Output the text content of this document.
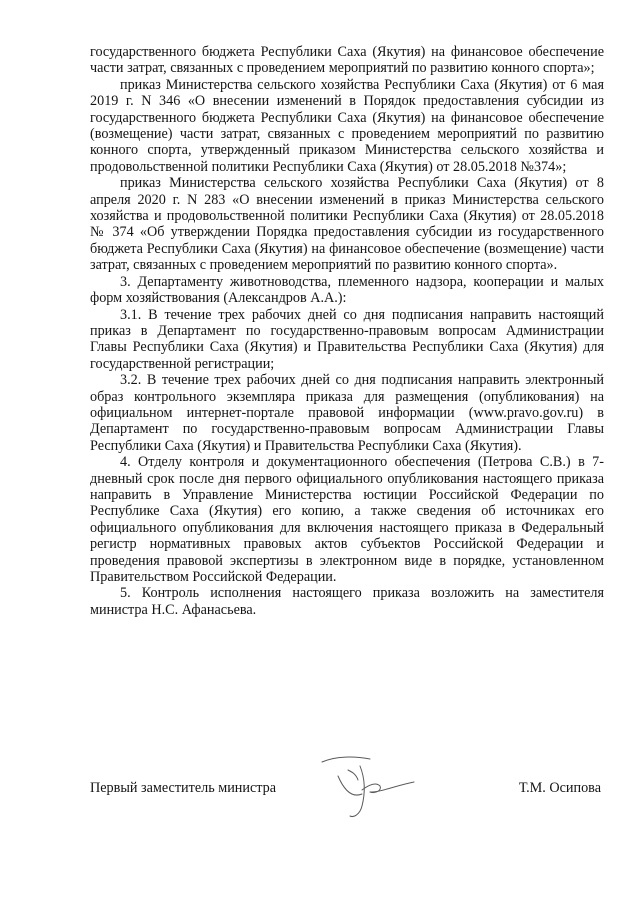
государственного бюджета Республики Саха (Якутия) на финансовое обеспечение части затрат, связанных с проведением мероприятий по развитию конного спорта»;

приказ Министерства сельского хозяйства Республики Саха (Якутия) от 6 мая 2019 г. N 346 «О внесении изменений в Порядок предоставления субсидии из государственного бюджета Республики Саха (Якутия) на финансовое обеспечение (возмещение) части затрат, связанных с проведением мероприятий по развитию конного спорта, утвержденный приказом Министерства сельского хозяйства и продовольственной политики Республики Саха (Якутия) от 28.05.2018 №374»;

приказ Министерства сельского хозяйства Республики Саха (Якутия) от 8 апреля 2020 г. N 283 «О внесении изменений в приказ Министерства сельского хозяйства и продовольственной политики Республики Саха (Якутия) от 28.05.2018 № 374 «Об утверждении Порядка предоставления субсидии из государственного бюджета Республики Саха (Якутия) на финансовое обеспечение (возмещение) части затрат, связанных с проведением мероприятий по развитию конного спорта».

3. Департаменту животноводства, племенного надзора, кооперации и малых форм хозяйствования (Александров А.А.):

3.1. В течение трех рабочих дней со дня подписания направить настоящий приказ в Департамент по государственно-правовым вопросам Администрации Главы Республики Саха (Якутия) и Правительства Республики Саха (Якутия) для государственной регистрации;

3.2. В течение трех рабочих дней со дня подписания направить электронный образ контрольного экземпляра приказа для размещения (опубликования) на официальном интернет-портале правовой информации (www.pravo.gov.ru) в Департамент по государственно-правовым вопросам Администрации Главы Республики Саха (Якутия) и Правительства Республики Саха (Якутия).

4. Отделу контроля и документационного обеспечения (Петрова С.В.) в 7-дневный срок после дня первого официального опубликования настоящего приказа направить в Управление Министерства юстиции Российской Федерации по Республике Саха (Якутия) его копию, а также сведения об источниках его официального опубликования для включения настоящего приказа в Федеральный регистр нормативных правовых актов субъектов Российской Федерации и проведения правовой экспертизы в электронном виде в порядке, установленном Правительством Российской Федерации.

5. Контроль исполнения настоящего приказа возложить на заместителя министра Н.С. Афанасьева.

Первый заместитель министра	Т.М. Осипова
